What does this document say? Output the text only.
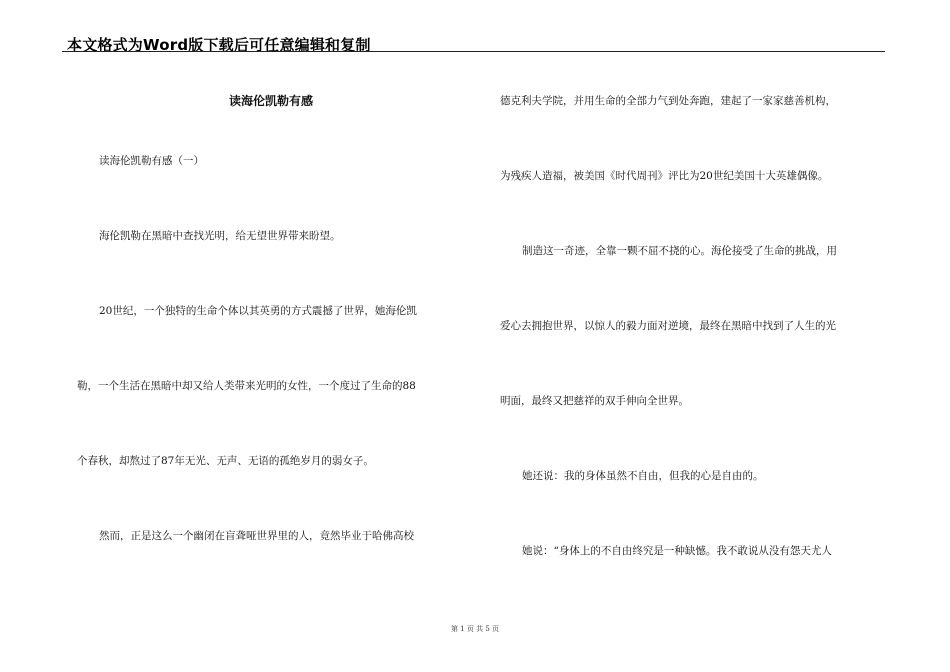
本文格式为Word版下载后可任意编辑和复制
读海伦凯勒有感
读海伦凯勒有感（一）
海伦凯勒在黑暗中查找光明，给无望世界带来盼望。
20世纪，一个独特的生命个体以其英勇的方式震撼了世界，她海伦凯
勒，一个生活在黑暗中却又给人类带来光明的女性，一个度过了生命的88
个春秋，却熬过了87年无光、无声、无语的孤绝岁月的弱女子。
然而，正是这么一个幽闭在盲聋哑世界里的人，竟然毕业于哈佛高校
德克利夫学院，并用生命的全部力气到处奔跑，建起了一家家慈善机构，
为残疾人造福，被美国《时代周刊》评比为20世纪美国十大英雄偶像。
制造这一奇迹，全靠一颗不屈不挠的心。海伦接受了生命的挑战，用
爱心去拥抱世界，以惊人的毅力面对逆境，最终在黑暗中找到了人生的光
明面，最终又把慈祥的双手伸向全世界。
她还说：我的身体虽然不自由，但我的心是自由的。
她说：“身体上的不自由终究是一种缺憾。我不敢说从没有怨天尤人
第 1 页 共 5 页
